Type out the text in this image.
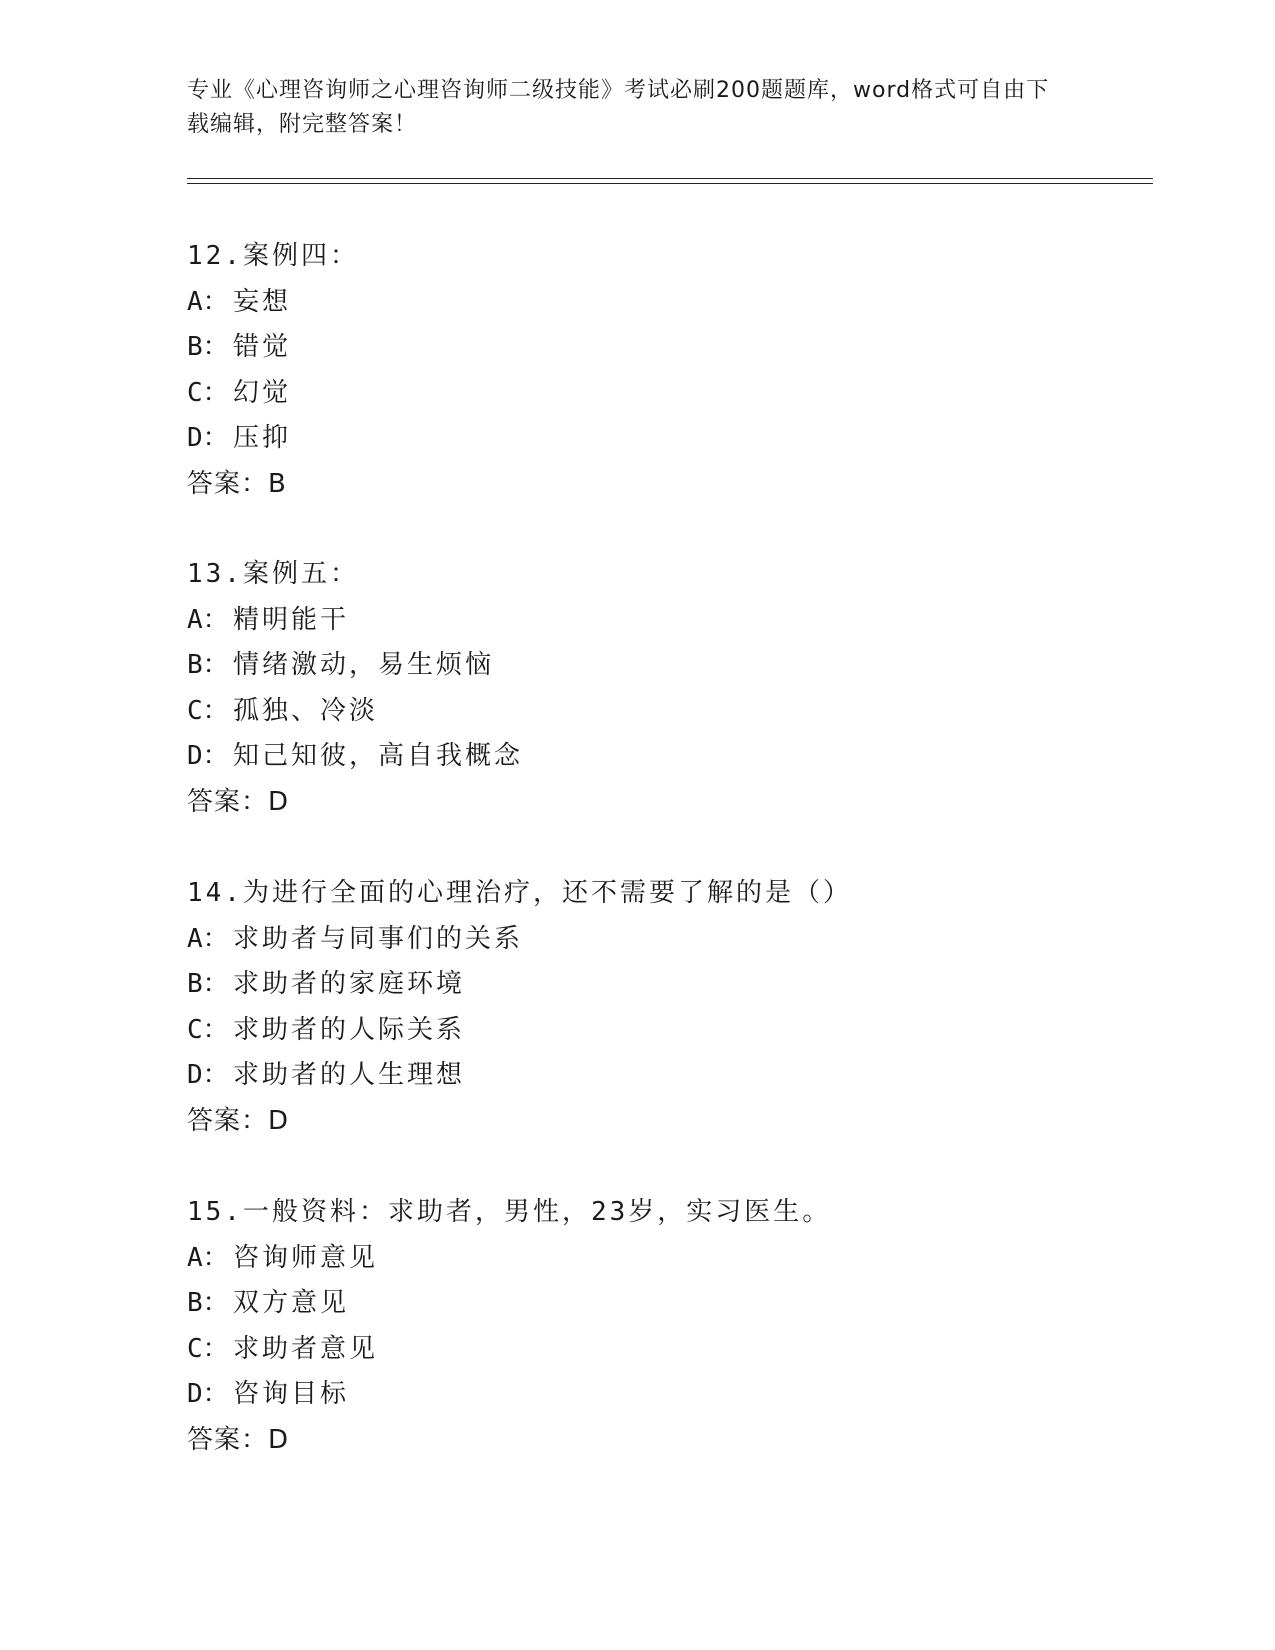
专业《心理咨询师之心理咨询师二级技能》考试必刷200题题库，word格式可自由下载编辑，附完整答案！
12.案例四：
A： 妄想
B： 错觉
C： 幻觉
D： 压抑
答案：B
13.案例五：
A： 精明能干
B： 情绪激动，易生烦恼
C： 孤独、冷淡
D： 知己知彼，高自我概念
答案：D
14.为进行全面的心理治疗，还不需要了解的是（）
A： 求助者与同事们的关系
B： 求助者的家庭环境
C： 求助者的人际关系
D： 求助者的人生理想
答案：D
15.一般资料：求助者，男性，23岁，实习医生。
A： 咨询师意见
B： 双方意见
C： 求助者意见
D： 咨询目标
答案：D
